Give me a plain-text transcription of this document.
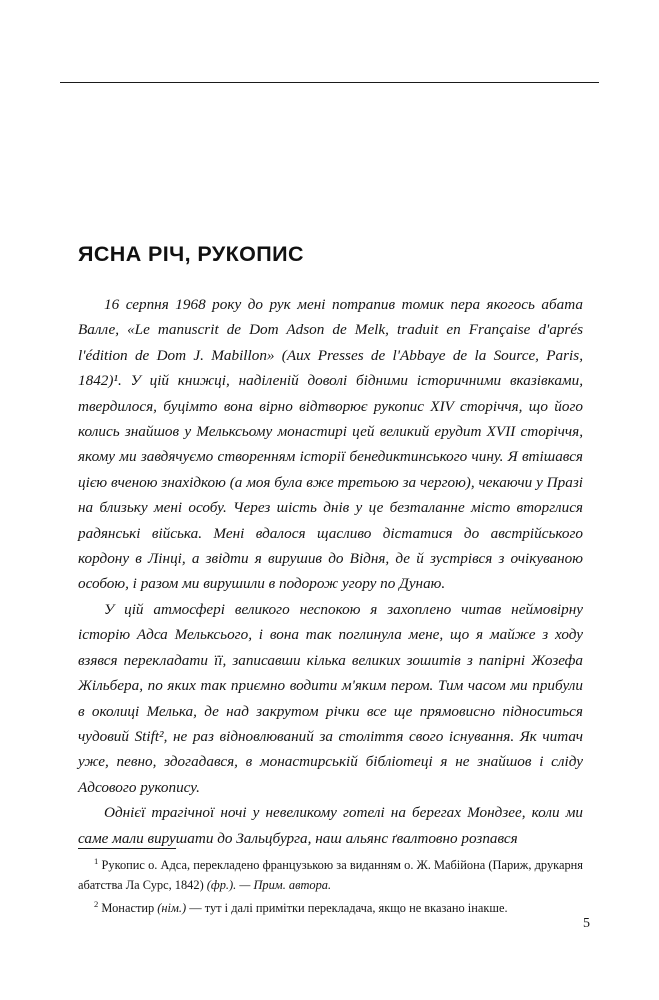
ЯСНА РІЧ, РУКОПИС

16 серпня 1968 року до рук мені потрапив томик пера якогось абата Валле, «Le manuscrit de Dom Adson de Melk, traduit en Française d'aprés l'édition de Dom J. Mabillon» (Aux Presses de l'Abbaye de la Source, Paris, 1842)¹. У цій книжці, наділеній доволі бідними історичними вказівками, твердилося, буцімто вона вірно відтворює рукопис XIV сторіччя, що його колись знайшов у Мельксьому монастирі цей великий ерудит XVII сторіччя, якому ми завдячуємо створенням історії бенедиктинського чину. Я втішався цією вченою знахідкою (а моя була вже третьою за чергою), чекаючи у Празі на близьку мені особу. Через шість днів у це безталанне місто вторглися радянські війська. Мені вдалося щасливо дістатися до австрійського кордону в Лінці, а звідти я вирушив до Відня, де й зустрівся з очікуваною особою, і разом ми вирушили в подорож угору по Дунаю.

У цій атмосфері великого неспокою я захоплено читав неймовірну історію Адса Мельксього, і вона так поглинула мене, що я майже з ходу взявся перекладати її, записавши кілька великих зошитів з папірні Жозефа Жільбера, по яких так приємно водити м'яким пером. Тим часом ми прибули в околиці Мелька, де над закрутом річки все ще прямовисно підноситься чудовий Stift², не раз відновлюваний за століття свого існування. Як читач уже, певно, здогадався, в монастирській бібліотеці я не знайшов і сліду Адсового рукопису.

Однієї трагічної ночі у невеликому готелі на берегах Мондзее, коли ми саме мали вирушати до Зальцбурга, наш альянс ґвалтовно розпався

$^1$ Рукопис о. Адса, перекладено французькою за виданням о. Ж. Мабійона (Париж, друкарня абатства Ла Сурс, 1842) (фр.). — Прим. автора.

$^2$ Монастир (нім.) — тут і далі примітки перекладача, якщо не вказано інакше.

5
